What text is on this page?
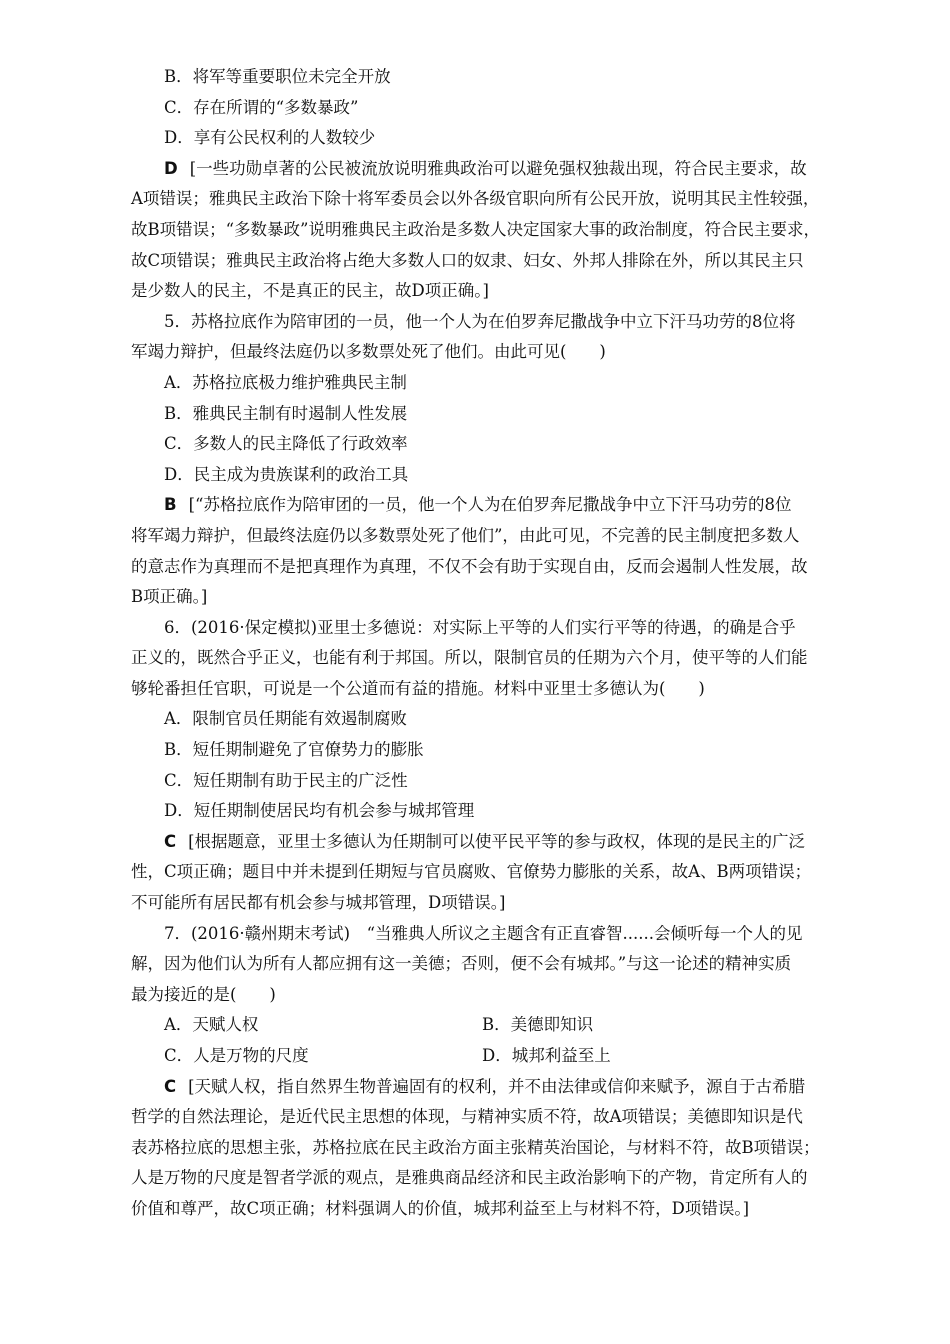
B．将军等重要职位未完全开放
C．存在所谓的“多数暴政”
D．享有公民权利的人数较少
D [一些功勋卓著的公民被流放说明雅典政治可以避免强权独裁出现，符合民主要求，故
A项错误；雅典民主政治下除十将军委员会以外各级官职向所有公民开放，说明其民主性较强，
故B项错误；“多数暴政”说明雅典民主政治是多数人决定国家大事的政治制度，符合民主要求，
故C项错误；雅典民主政治将占绝大多数人口的奴隶、妇女、外邦人排除在外，所以其民主只
是少数人的民主，不是真正的民主，故D项正确。]
5．苏格拉底作为陪审团的一员，他一个人为在伯罗奔尼撒战争中立下汗马功劳的8位将
军竭力辩护，但最终法庭仍以多数票处死了他们。由此可见(　　)
A．苏格拉底极力维护雅典民主制
B．雅典民主制有时遏制人性发展
C．多数人的民主降低了行政效率
D．民主成为贵族谋利的政治工具
B [“苏格拉底作为陪审团的一员，他一个人为在伯罗奔尼撒战争中立下汗马功劳的8位
将军竭力辩护，但最终法庭仍以多数票处死了他们”，由此可见，不完善的民主制度把多数人
的意志作为真理而不是把真理作为真理，不仅不会有助于实现自由，反而会遏制人性发展，故
B项正确。]
6．(2016·保定模拟)亚里士多德说：对实际上平等的人们实行平等的待遇，的确是合乎
正义的，既然合乎正义，也能有利于邦国。所以，限制官员的任期为六个月，使平等的人们能
够轮番担任官职，可说是一个公道而有益的措施。材料中亚里士多德认为(　　)
A．限制官员任期能有效遏制腐败
B．短任期制避免了官僚势力的膨胀
C．短任期制有助于民主的广泛性
D．短任期制使居民均有机会参与城邦管理
C [根据题意，亚里士多德认为任期制可以使平民平等的参与政权，体现的是民主的广泛
性，C项正确；题目中并未提到任期短与官员腐败、官僚势力膨胀的关系，故A、B两项错误；
不可能所有居民都有机会参与城邦管理，D项错误。]
7．(2016·赣州期末考试)　“当雅典人所议之主题含有正直睿智......会倾听每一个人的见
解，因为他们认为所有人都应拥有这一美德；否则，便不会有城邦。”与这一论述的精神实质
最为接近的是(　　)
A．天赋人权	B．美德即知识
C．人是万物的尺度	D．城邦利益至上
C [天赋人权，指自然界生物普遍固有的权利，并不由法律或信仰来赋予，源自于古希腊
哲学的自然法理论，是近代民主思想的体现，与精神实质不符，故A项错误；美德即知识是代
表苏格拉底的思想主张，苏格拉底在民主政治方面主张精英治国论，与材料不符，故B项错误；
人是万物的尺度是智者学派的观点，是雅典商品经济和民主政治影响下的产物，肯定所有人的
价值和尊严，故C项正确；材料强调人的价值，城邦利益至上与材料不符，D项错误。]
